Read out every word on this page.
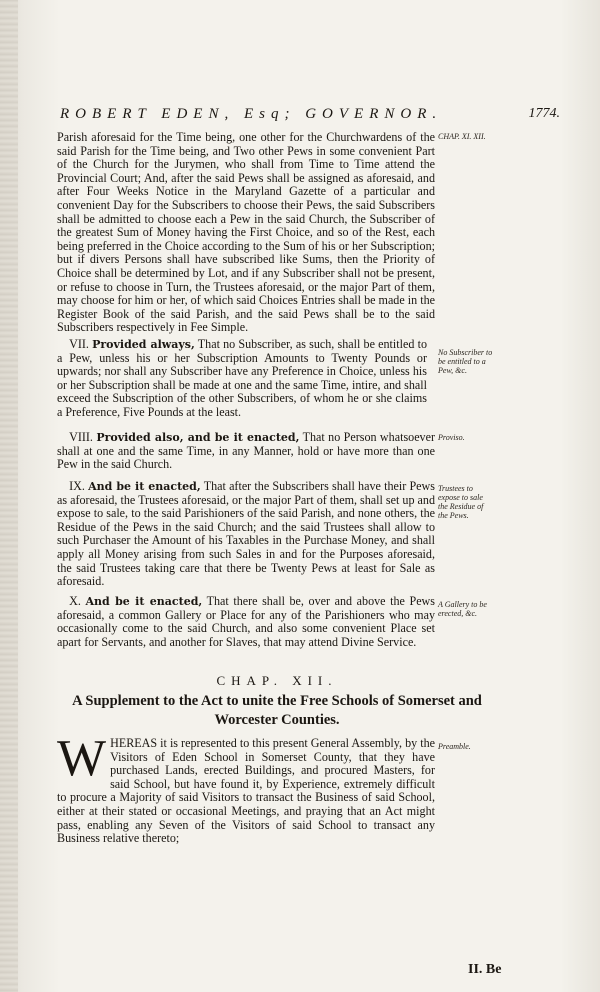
ROBERT EDEN, Esq; GOVERNOR.	1774.

Parish aforesaid for the Time being, one other for the Churchwardens of the said Parish for the Time being, and Two other Pews in some convenient Part of the Church for the Jurymen, who shall from Time to Time attend the Provincial Court; And, after the said Pews shall be assigned as aforesaid, and after Four Weeks Notice in the Maryland Gazette of a particular and convenient Day for the Subscribers to choose their Pews, the said Subscribers shall be admitted to choose each a Pew in the said Church, the Subscriber of the greatest Sum of Money having the First Choice, and so of the Rest, each being preferred in the Choice according to the Sum of his or her Subscription; but if divers Persons shall have subscribed like Sums, then the Priority of Choice shall be determined by Lot, and if any Subscriber shall not be present, or refuse to choose in Turn, the Trustees aforesaid, or the major Part of them, may choose for him or her, of which said Choices Entries shall be made in the Register Book of the said Parish, and the said Pews shall be to the said Subscribers respectively in Fee Simple.

 VII. Provided always, That no Subscriber, as such, shall be entitled to a Pew, unless his or her Subscription Amounts to Twenty Pounds or upwards; nor shall any Subscriber have any Preference in Choice, unless his or her Subscription shall be made at one and the same Time, intire, and shall exceed the Subscription of the other Subscribers, of whom he or she claims a Preference, Five Pounds at the least.

 VIII. Provided also, and be it enacted, That no Person whatsoever shall at one and the same Time, in any Manner, hold or have more than one Pew in the said Church.

 IX. And be it enacted, That after the Subscribers shall have their Pews as aforesaid, the Trustees aforesaid, or the major Part of them, shall set up and expose to sale, to the said Parishioners of the said Parish, and none others, the Residue of the Pews in the said Church; and the said Trustees shall allow to such Purchaser the Amount of his Taxables in the Purchase Money, and shall apply all Money arising from such Sales in and for the Purposes aforesaid, the said Trustees taking care that there be Twenty Pews at least for Sale as aforesaid.

 X. And be it enacted, That there shall be, over and above the Pews aforesaid, a common Gallery or Place for any of the Parishioners who may occasionally come to the said Church, and also some convenient Place set apart for Servants, and another for Slaves, that may attend Divine Service.

CHAP. XII.
A Supplement to the Act to unite the Free Schools of Somerset and Worcester Counties.

WHEREAS it is represented to this present General Assembly, by the Visitors of Eden School in Somerset County, that they have purchased Lands, erected Buildings, and procured Masters, for said School, but have found it, by Experience, extremely difficult to procure a Majority of said Visitors to transact the Business of said School, either at their stated or occasional Meetings, and praying that an Act might pass, enabling any Seven of the Visitors of said School to transact any Business relative thereto;

CHAP. XI. XII.
No Subscriber to be entitled to a Pew, &c.
Proviso.
Trustees to expose to sale the Residue of the Pews.
A Gallery to be erected, &c.
Preamble.
II. Be
